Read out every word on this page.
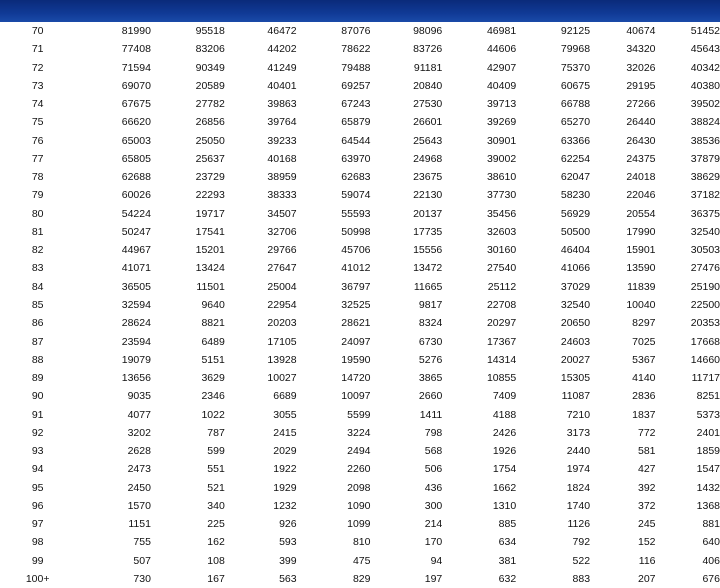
70	81990	95518	46472	87076	98096	46981	92125	40674	51452
71	77408	83206	44202	78622	83726	44606	79968	34320	45643
72	71594	90349	41249	79488	91181	42907	75370	32026	40342
73	69070	20589	40401	69257	20840	40409	60675	29195	40380
74	67675	27782	39863	67243	27530	39713	66788	27266	39502
75	66620	26856	39764	65879	26601	39269	65270	26440	38824
76	65003	25050	39233	64544	25643	30901	63366	26430	38536
77	65805	25637	40168	63970	24968	39002	62254	24375	37879
78	62688	23729	38959	62683	23675	38610	62047	24018	38629
79	60026	22293	38333	59074	22130	37730	58230	22046	37182
80	54224	19717	34507	55593	20137	35456	56929	20554	36375
81	50247	17541	32706	50998	17735	32603	50500	17990	32540
82	44967	15201	29766	45706	15556	30160	46404	15901	30503
83	41071	13424	27647	41012	13472	27540	41066	13590	27476
84	36505	11501	25004	36797	11665	25112	37029	11839	25190
85	32594	9640	22954	32525	9817	22708	32540	10040	22500
86	28624	8821	20203	28621	8324	20297	20650	8297	20353
87	23594	6489	17105	24097	6730	17367	24603	7025	17668
88	19079	5151	13928	19590	5276	14314	20027	5367	14660
89	13656	3629	10027	14720	3865	10855	15305	4140	11717
90	9035	2346	6689	10097	2660	7409	11087	2836	8251
91	4077	1022	3055	5599	1411	4188	7210	1837	5373
92	3202	787	2415	3224	798	2426	3173	772	2401
93	2628	599	2029	2494	568	1926	2440	581	1859
94	2473	551	1922	2260	506	1754	1974	427	1547
95	2450	521	1929	2098	436	1662	1824	392	1432
96	1570	340	1232	1090	300	1310	1740	372	1368
97	1151	225	926	1099	214	885	1126	245	881
98	755	162	593	810	170	634	792	152	640
99	507	108	399	475	94	381	522	116	406
100+	730	167	563	829	197	632	883	207	676
